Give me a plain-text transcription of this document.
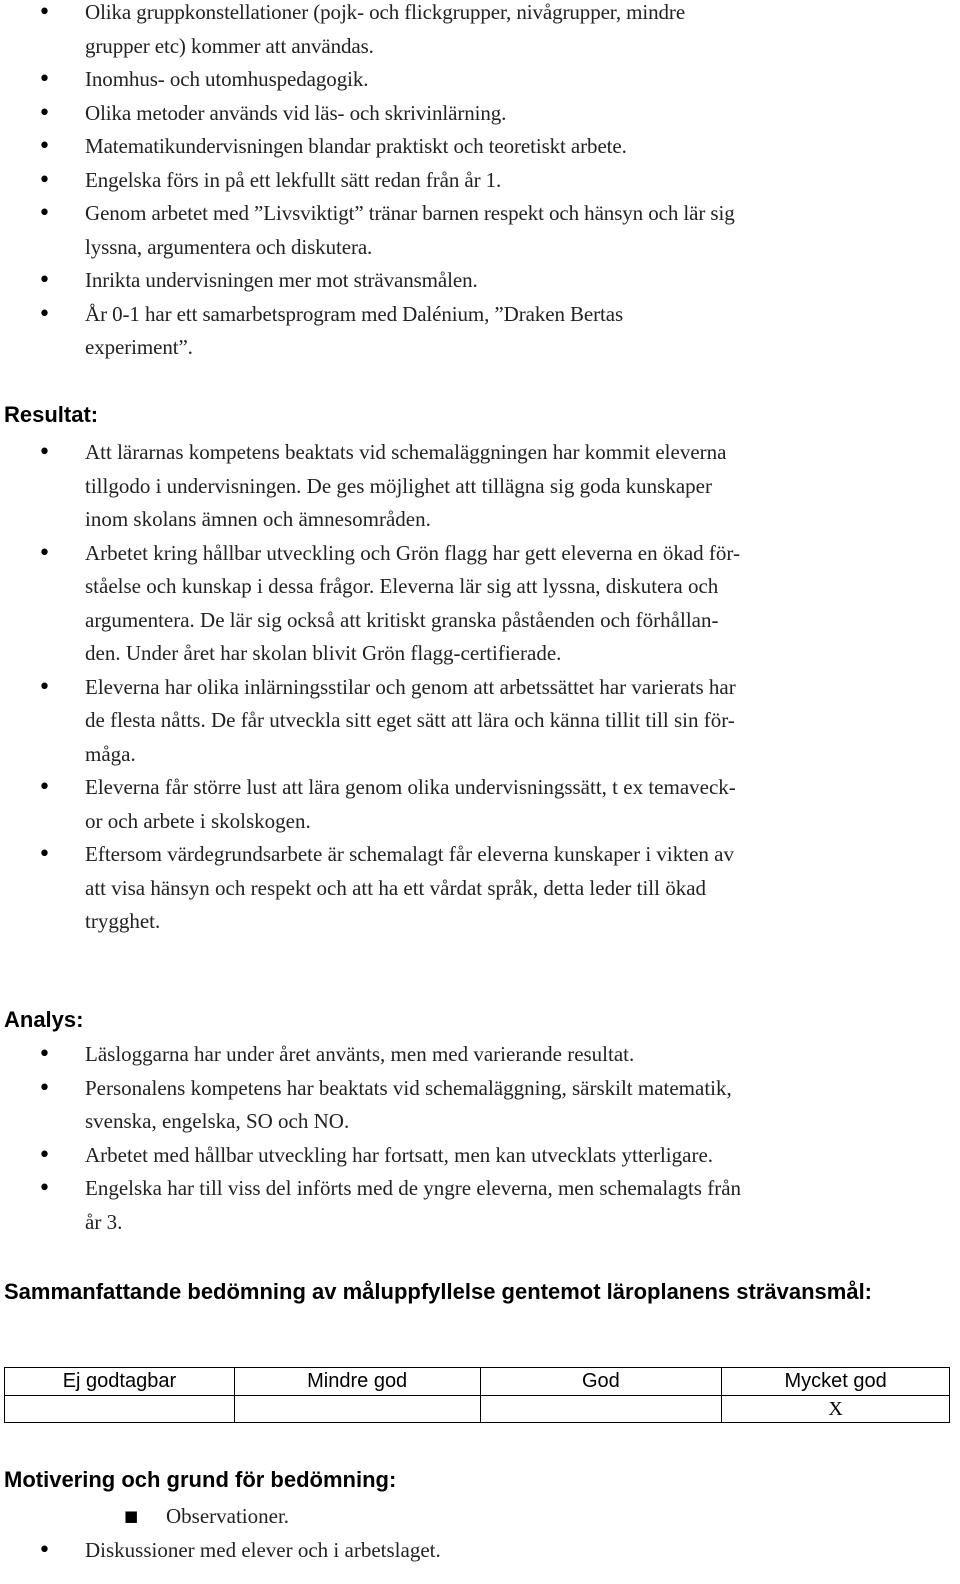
• Olika gruppkonstellationer (pojk- och flickgrupper, nivågrupper, mindre
grupper etc) kommer att användas.
• Inomhus- och utomhuspedagogik.
• Olika metoder används vid läs- och skrivinlärning.
• Matematikundervisningen blandar praktiskt och teoretiskt arbete.
• Engelska förs in på ett lekfullt sätt redan från år 1.
• Genom arbetet med ”Livsviktigt” tränar barnen respekt och hänsyn och lär sig
lyssna, argumentera och diskutera.
• Inrikta undervisningen mer mot strävansmålen.
• År 0-1 har ett samarbetsprogram med Dalénium, ”Draken Bertas
experiment”.
Resultat:
• Att lärarnas kompetens beaktats vid schemaläggningen har kommit eleverna
tillgodo i undervisningen. De ges möjlighet att tillägna sig goda kunskaper
inom skolans ämnen och ämnesområden.
• Arbetet kring hållbar utveckling och Grön flagg har gett eleverna en ökad för-
ståelse och kunskap i dessa frågor. Eleverna lär sig att lyssna, diskutera och
argumentera. De lär sig också att kritiskt granska påståenden och förhållan-
den. Under året har skolan blivit Grön flagg-certifierade.
• Eleverna har olika inlärningsstilar och genom att arbetssättet har varierats har
de flesta nåtts. De får utveckla sitt eget sätt att lära och känna tillit till sin för-
måga.
• Eleverna får större lust att lära genom olika undervisningssätt, t ex temaveck-
or och arbete i skolskogen.
• Eftersom värdegrundsarbete är schemalagt får eleverna kunskaper i vikten av
att visa hänsyn och respekt och att ha ett vårdat språk, detta leder till ökad
trygghet.
Analys:
• Läsloggarna har under året använts, men med varierande resultat.
• Personalens kompetens har beaktats vid schemaläggning, särskilt matematik,
svenska, engelska, SO och NO.
• Arbetet med hållbar utveckling har fortsatt, men kan utvecklats ytterligare.
• Engelska har till viss del införts med de yngre eleverna, men schemalagts från
år 3.
Sammanfattande bedömning av måluppfyllelse gentemot läroplanens strävansmål:
Ej godtagbar	Mindre god	God	Mycket god
			X
Motivering och grund för bedömning:
■ Observationer.
• Diskussioner med elever och i arbetslaget.
